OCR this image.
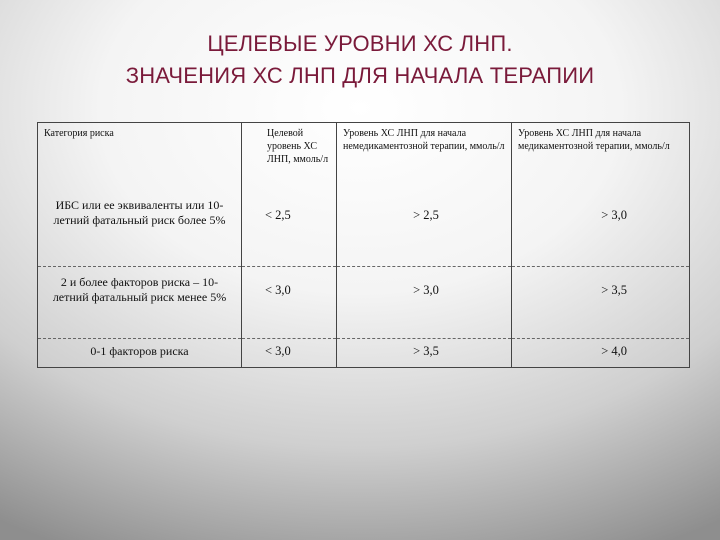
ЦЕЛЕВЫЕ УРОВНИ ХС ЛНП.
ЗНАЧЕНИЯ ХС ЛНП ДЛЯ НАЧАЛА ТЕРАПИИ
Категория риска	Целевой уровень ХС ЛНП, ммоль/л	Уровень ХС ЛНП для начала немедикаментозной терапии, ммоль/л	Уровень ХС ЛНП для начала медикаментозной терапии, ммоль/л
ИБС или ее эквиваленты или 10-летний фатальный риск более 5%	< 2,5	> 2,5	> 3,0
2 и более факторов риска – 10-летний фатальный риск менее 5%	< 3,0	> 3,0	> 3,5
0-1 факторов риска	< 3,0	> 3,5	> 4,0
